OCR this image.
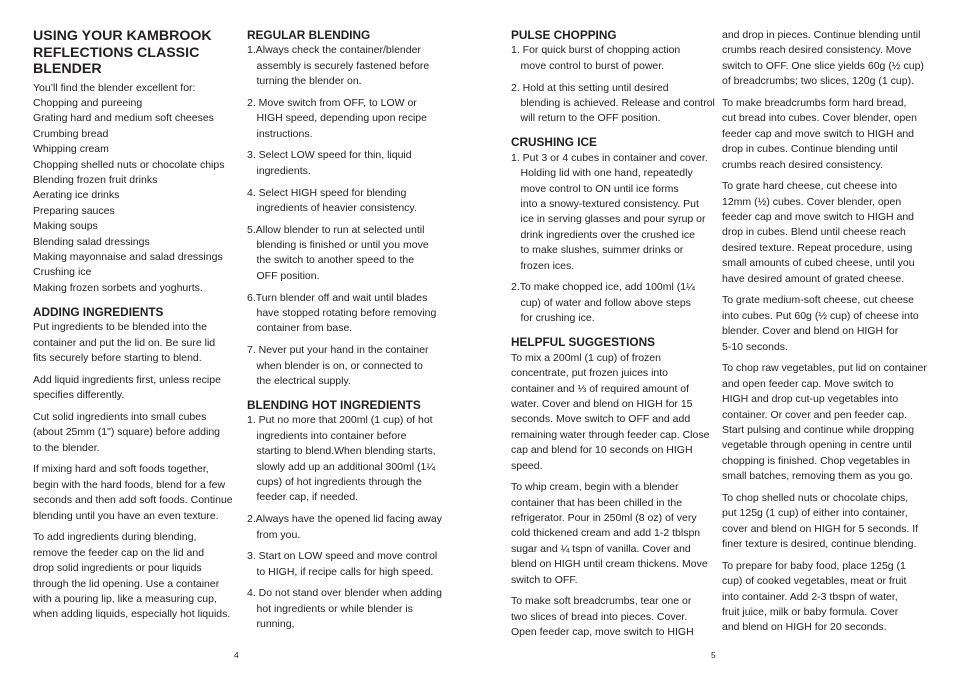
USING YOUR KAMBROOK
REFLECTIONS CLASSIC
BLENDER

You’ll find the blender excellent for:

Chopping and pureeing
Grating hard and medium soft cheeses
Crumbing bread
Whipping cream
Chopping shelled nuts or chocolate chips
Blending frozen fruit drinks
Aerating ice drinks
Preparing sauces
Making soups
Blending salad dressings
Making mayonnaise and salad dressings
Crushing ice
Making frozen sorbets and yoghurts.
ADDING INGREDIENTS

Put ingredients to be blended into the
container and put the lid on. Be sure lid
fits securely before starting to blend.

Add liquid ingredients first, unless recipe
specifies differently.

Cut solid ingredients into small cubes
(about 25mm (1") square) before adding
to the blender.

If mixing hard and soft foods together,
begin with the hard foods, blend for a few
seconds and then add soft foods. Continue
blending until you have an even texture.

To add ingredients during blending,
remove the feeder cap on the lid and
drop solid ingredients or pour liquids
through the lid opening. Use a container
with a pouring lip, like a measuring cup,
when adding liquids, especially hot liquids.

REGULAR BLENDING

1.Always check the container/blender
assembly is securely fastened before
turning the blender on.

2. Move switch from OFF, to LOW or
HIGH speed, depending upon recipe
instructions.

3. Select LOW speed for thin, liquid
ingredients.

4. Select HIGH speed for blending
ingredients of heavier consistency.

5.Allow blender to run at selected until
blending is finished or until you move
the switch to another speed to the
OFF position.

6.Turn blender off and wait until blades
have stopped rotating before removing
container from base.

7. Never put your hand in the container
when blender is on, or connected to
the electrical supply.

BLENDING HOT INGREDIENTS

1. Put no more that 200ml (1 cup) of hot
ingredients into container before
starting to blend.When blending starts,
slowly add up an additional 300ml (1¼
cups) of hot ingredients through the
feeder cap, if needed.

2.Always have the opened lid facing away
from you.

3. Start on LOW speed and move control
to HIGH, if recipe calls for high speed.

4. Do not stand over blender when adding
hot ingredients or while blender is
running,

4
PULSE CHOPPING

1. For quick burst of chopping action
move control to burst of power.

2. Hold at this setting until desired
blending is achieved. Release and control
will return to the OFF position.

CRUSHING ICE

1. Put 3 or 4 cubes in container and cover.
Holding lid with one hand, repeatedly
move control to ON until ice forms
into a snowy-textured consistency. Put
ice in serving glasses and pour syrup or
drink ingredients over the crushed ice
to make slushes, summer drinks or
frozen ices.

2.To make chopped ice, add 100ml (1¼
cup) of water and follow above steps
for crushing ice.

HELPFUL SUGGESTIONS

To mix a 200ml (1 cup) of frozen
concentrate, put frozen juices into
container and ⅓ of required amount of
water. Cover and blend on HIGH for 15
seconds. Move switch to OFF and add
remaining water through feeder cap. Close
cap and blend for 10 seconds on HIGH
speed.

To whip cream, begin with a blender
container that has been chilled in the
refrigerator. Pour in 250ml (8 oz) of very
cold thickened cream and add 1-2 tblspn
sugar and ¼ tspn of vanilla. Cover and
blend on HIGH until cream thickens. Move
switch to OFF.

To make soft breadcrumbs, tear one or
two slices of bread into pieces. Cover.
Open feeder cap, move switch to HIGH

and drop in pieces. Continue blending until
crumbs reach desired consistency. Move
switch to OFF. One slice yields 60g (½ cup)
of breadcrumbs; two slices, 120g (1 cup).

To make breadcrumbs form hard bread,
cut bread into cubes. Cover blender, open
feeder cap and move switch to HIGH and
drop in cubes. Continue blending until
crumbs reach desired consistency.

To grate hard cheese, cut cheese into
12mm (½) cubes. Cover blender, open
feeder cap and move switch to HIGH and
drop in cubes. Blend until cheese reach
desired texture. Repeat procedure, using
small amounts of cubed cheese, until you
have desired amount of grated cheese.

To grate medium-soft cheese, cut cheese
into cubes. Put 60g (½ cup) of cheese into
blender. Cover and blend on HIGH for
5-10 seconds.

To chop raw vegetables, put lid on container
and open feeder cap. Move switch to
HIGH and drop cut-up vegetables into
container. Or cover and pen feeder cap.
Start pulsing and continue while dropping
vegetable through opening in centre until
chopping is finished. Chop vegetables in
small batches, removing them as you go.

To chop shelled nuts or chocolate chips,
put 125g (1 cup) of either into container,
cover and blend on HIGH for 5 seconds. If
finer texture is desired, continue blending.

To prepare for baby food, place 125g (1
cup) of cooked vegetables, meat or fruit
into container. Add 2-3 tbspn of water,
fruit juice, milk or baby formula. Cover
and blend on HIGH for 20 seconds.

5
